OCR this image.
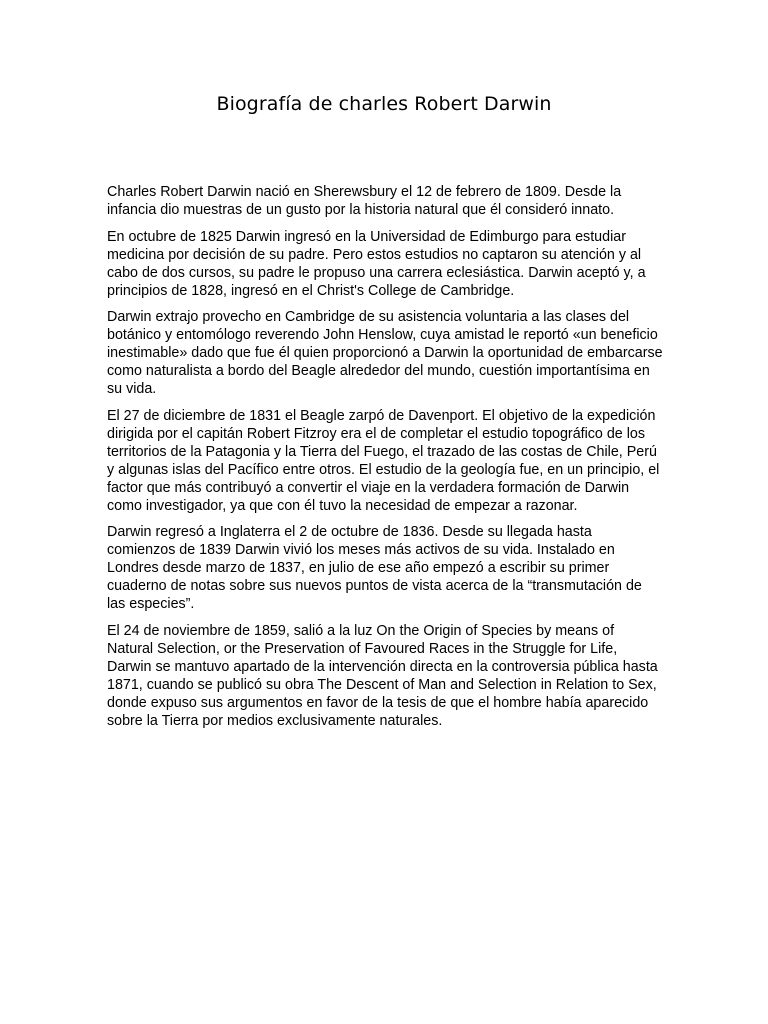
Biografía de charles Robert Darwin

Charles Robert Darwin nació en Sherewsbury el 12 de febrero de 1809. Desde la infancia dio muestras de un gusto por la historia natural que él consideró innato.

En octubre de 1825 Darwin ingresó en la Universidad de Edimburgo para estudiar medicina por decisión de su padre. Pero estos estudios no captaron su atención y al cabo de dos cursos, su padre le propuso una carrera eclesiástica. Darwin aceptó y, a principios de 1828, ingresó en el Christ's College de Cambridge.

Darwin extrajo provecho en Cambridge de su asistencia voluntaria a las clases del botánico y entomólogo reverendo John Henslow, cuya amistad le reportó «un beneficio inestimable» dado que fue él quien proporcionó a Darwin la oportunidad de embarcarse como naturalista a bordo del Beagle alrededor del mundo, cuestión importantísima en su vida.

El 27 de diciembre de 1831 el Beagle zarpó de Davenport. El objetivo de la expedición dirigida por el capitán Robert Fitzroy era el de completar el estudio topográfico de los territorios de la Patagonia y la Tierra del Fuego, el trazado de las costas de Chile, Perú y algunas islas del Pacífico entre otros. El estudio de la geología fue, en un principio, el factor que más contribuyó a convertir el viaje en la verdadera formación de Darwin como investigador, ya que con él tuvo la necesidad de empezar a razonar.

Darwin regresó a Inglaterra el 2 de octubre de 1836. Desde su llegada hasta comienzos de 1839 Darwin vivió los meses más activos de su vida. Instalado en Londres desde marzo de 1837, en julio de ese año empezó a escribir su primer cuaderno de notas sobre sus nuevos puntos de vista acerca de la “transmutación de las especies”.

El 24 de noviembre de 1859, salió a la luz On the Origin of Species by means of Natural Selection, or the Preservation of Favoured Races in the Struggle for Life, Darwin se mantuvo apartado de la intervención directa en la controversia pública hasta 1871, cuando se publicó su obra The Descent of Man and Selection in Relation to Sex, donde expuso sus argumentos en favor de la tesis de que el hombre había aparecido sobre la Tierra por medios exclusivamente naturales.
